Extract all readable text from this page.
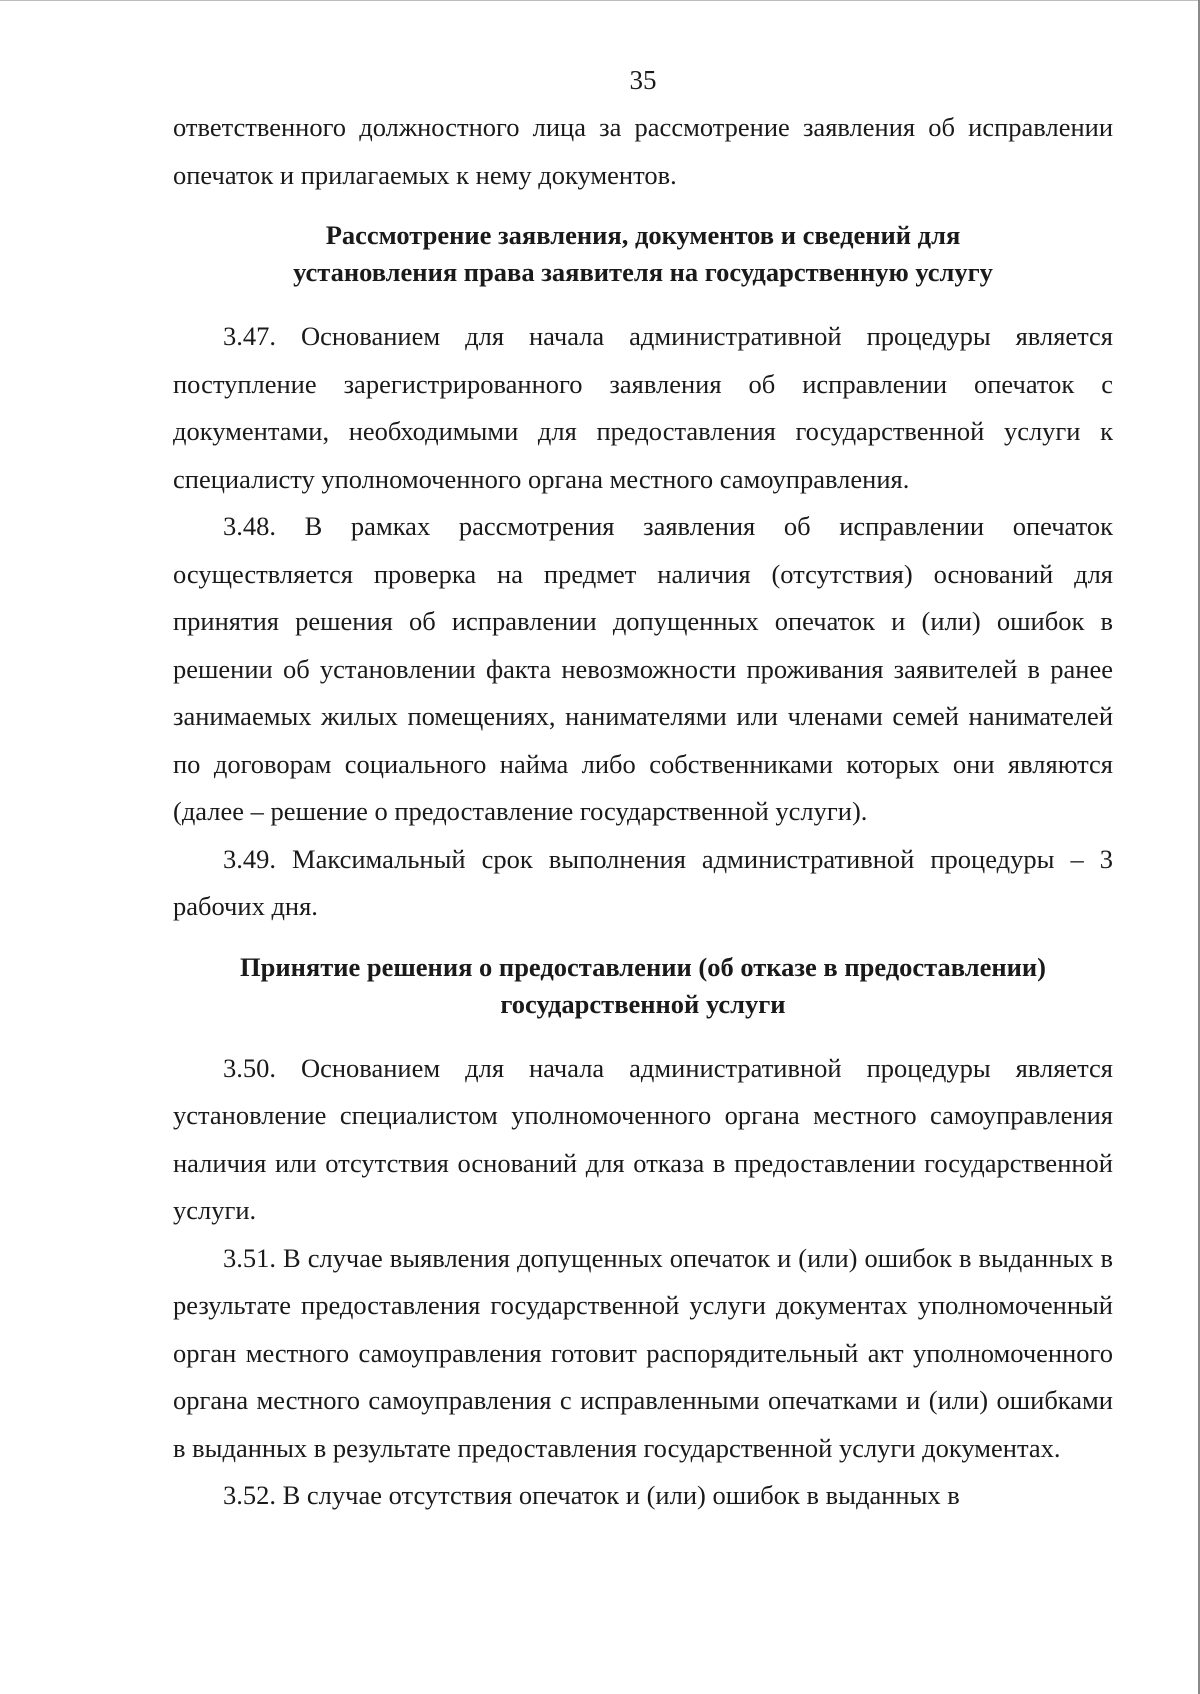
35

ответственного должностного лица за рассмотрение заявления об исправлении опечаток и прилагаемых к нему документов.

Рассмотрение заявления, документов и сведений для
установления права заявителя на государственную услугу

3.47. Основанием для начала административной процедуры является поступление зарегистрированного заявления об исправлении опечаток с документами, необходимыми для предоставления государственной услуги к специалисту уполномоченного органа местного самоуправления.

3.48. В рамках рассмотрения заявления об исправлении опечаток осуществляется проверка на предмет наличия (отсутствия) оснований для принятия решения об исправлении допущенных опечаток и (или) ошибок в решении об установлении факта невозможности проживания заявителей в ранее занимаемых жилых помещениях, нанимателями или членами семей нанимателей по договорам социального найма либо собственниками которых они являются (далее – решение о предоставление государственной услуги).

3.49. Максимальный срок выполнения административной процедуры – 3 рабочих дня.

Принятие решения о предоставлении (об отказе в предоставлении)
государственной услуги

3.50. Основанием для начала административной процедуры является установление специалистом уполномоченного органа местного самоуправления наличия или отсутствия оснований для отказа в предоставлении государственной услуги.

3.51. В случае выявления допущенных опечаток и (или) ошибок в выданных в результате предоставления государственной услуги документах уполномоченный орган местного самоуправления готовит распорядительный акт уполномоченного органа местного самоуправления с исправленными опечатками и (или) ошибками в выданных в результате предоставления государственной услуги документах.

3.52. В случае отсутствия опечаток и (или) ошибок в выданных в
